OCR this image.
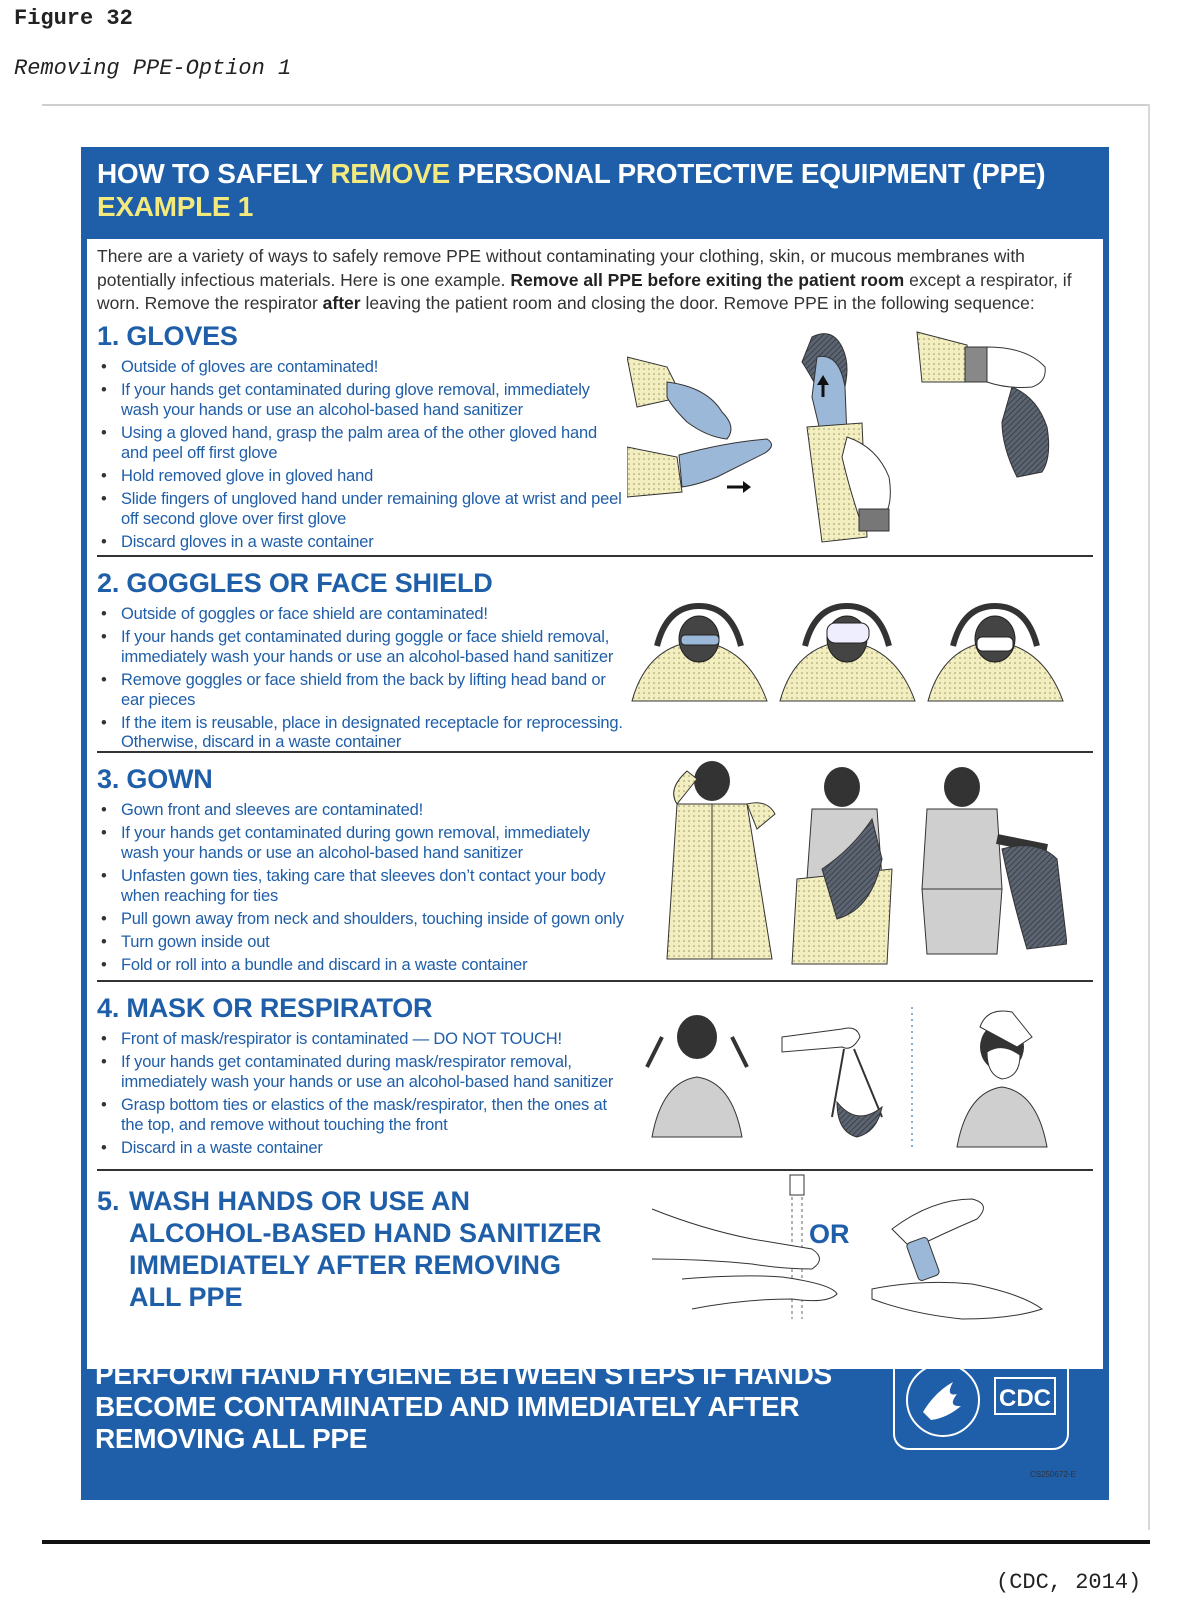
Figure 32
Removing PPE-Option 1
HOW TO SAFELY REMOVE PERSONAL PROTECTIVE EQUIPMENT (PPE)
EXAMPLE 1
There are a variety of ways to safely remove PPE without contaminating your clothing, skin, or mucous membranes with potentially infectious materials. Here is one example. Remove all PPE before exiting the patient room except a respirator, if worn. Remove the respirator after leaving the patient room and closing the door. Remove PPE in the following sequence:
1. GLOVES
• Outside of gloves are contaminated!
• If your hands get contaminated during glove removal, immediately wash your hands or use an alcohol-based hand sanitizer
• Using a gloved hand, grasp the palm area of the other gloved hand and peel off first glove
• Hold removed glove in gloved hand
• Slide fingers of ungloved hand under remaining glove at wrist and peel off second glove over first glove
• Discard gloves in a waste container
2. GOGGLES OR FACE SHIELD
• Outside of goggles or face shield are contaminated!
• If your hands get contaminated during goggle or face shield removal, immediately wash your hands or use an alcohol-based hand sanitizer
• Remove goggles or face shield from the back by lifting head band or ear pieces
• If the item is reusable, place in designated receptacle for reprocessing. Otherwise, discard in a waste container
3. GOWN
• Gown front and sleeves are contaminated!
• If your hands get contaminated during gown removal, immediately wash your hands or use an alcohol-based hand sanitizer
• Unfasten gown ties, taking care that sleeves don’t contact your body when reaching for ties
• Pull gown away from neck and shoulders, touching inside of gown only
• Turn gown inside out
• Fold or roll into a bundle and discard in a waste container
4. MASK OR RESPIRATOR
• Front of mask/respirator is contaminated — DO NOT TOUCH!
• If your hands get contaminated during mask/respirator removal, immediately wash your hands or use an alcohol-based hand sanitizer
• Grasp bottom ties or elastics of the mask/respirator, then the ones at the top, and remove without touching the front
• Discard in a waste container
5. WASH HANDS OR USE AN
ALCOHOL-BASED HAND SANITIZER
IMMEDIATELY AFTER REMOVING
ALL PPE
OR
PERFORM HAND HYGIENE BETWEEN STEPS IF HANDS BECOME CONTAMINATED AND IMMEDIATELY AFTER REMOVING ALL PPE
CDC
CS250672-E
(CDC, 2014)
